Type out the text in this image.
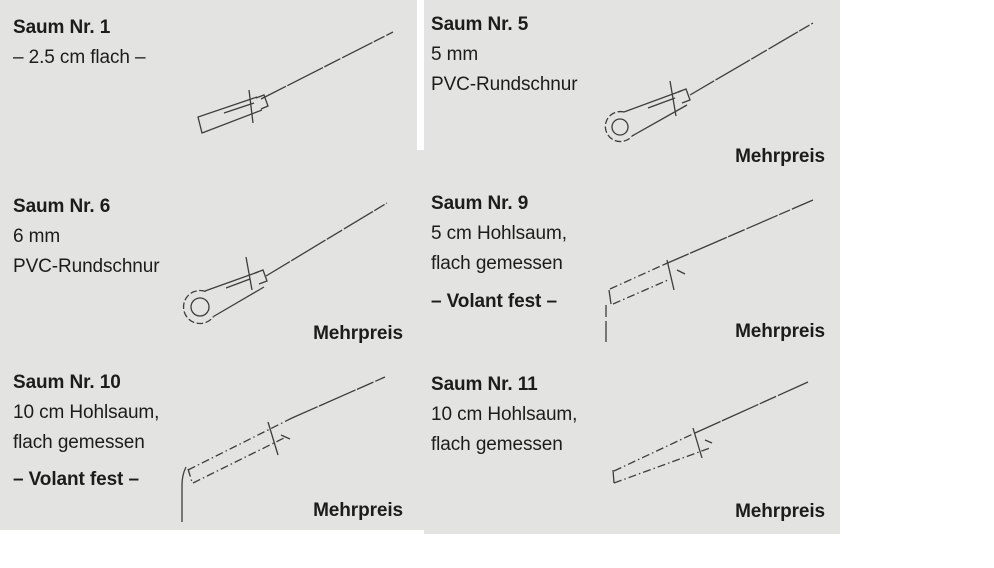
Saum Nr. 1

– 2.5 cm flach –

Saum Nr. 5

5 mm

PVC-Rundschnur

Mehrpreis
Saum Nr. 6

6 mm

PVC-Rundschnur

Mehrpreis
Saum Nr. 9

5 cm Hohlsaum,

flach gemessen

– Volant fest –
Mehrpreis
Saum Nr. 10

10 cm Hohlsaum,

flach gemessen

– Volant fest –
Mehrpreis
Saum Nr. 11

10 cm Hohlsaum,

flach gemessen

Mehrpreis
